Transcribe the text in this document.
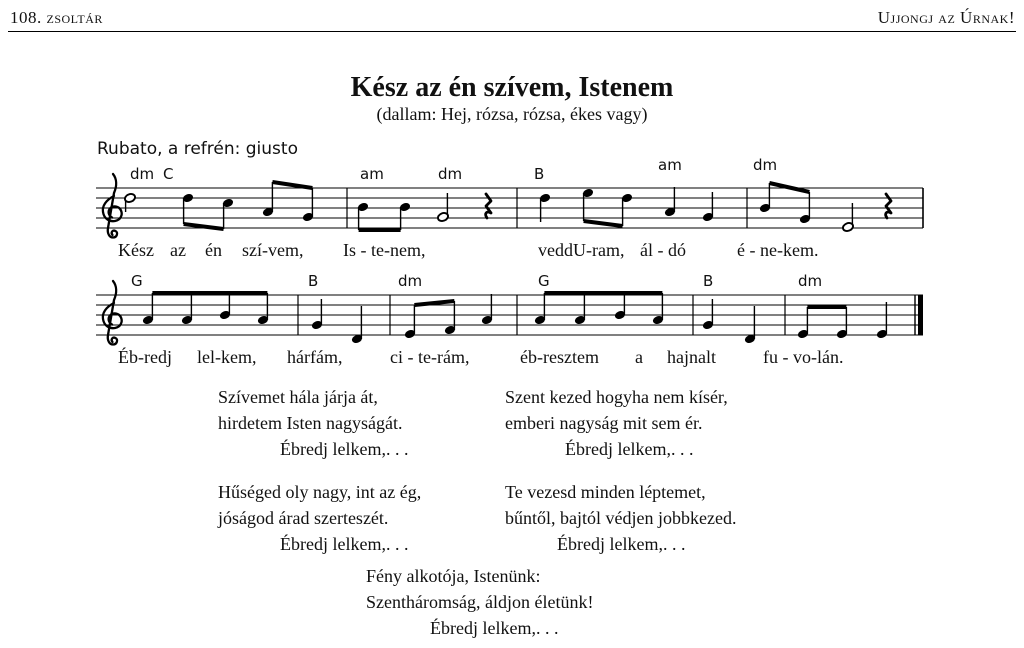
108. zsoltár	Ujjongj az Úrnak!
Kész az én szívem, Istenem
(dallam: Hej, rózsa, rózsa, ékes vagy)
Rubato, a refrén: giusto
dm C	am	dm	B	am	dm
Kész az én szí-vem, Is - te-nem,	vedd U-ram, ál - dó	é - ne-kem.
G	B	dm	G	B	dm
Éb-redj lel-kem, hárfám,	ci - te-rám,	éb-resztem a hajnalt	fu - vo-lán.
Szívemet hála járja át,
hirdetem Isten nagyságát.
Ébredj lelkem,. . .
Szent kezed hogyha nem kísér,
emberi nagyság mit sem ér.
Ébredj lelkem,. . .
Hűséged oly nagy, int az ég,
jóságod árad szerteszét.
Ébredj lelkem,. . .
Te vezesd minden léptemet,
bűntől, bajtól védjen jobbkezed.
Ébredj lelkem,. . .
Fény alkotója, Istenünk:
Szentháromság, áldjon életünk!
Ébredj lelkem,. . .
